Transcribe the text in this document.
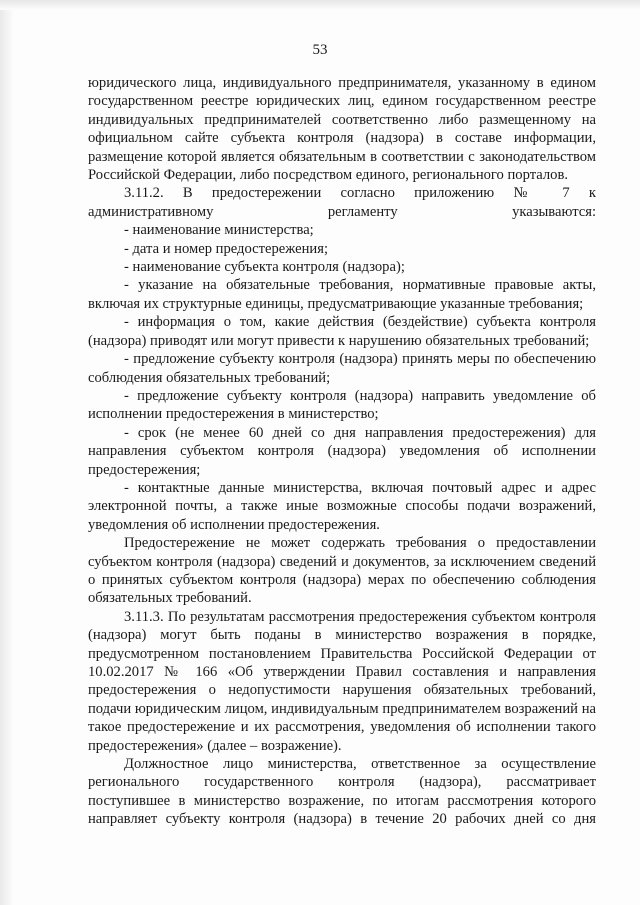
53

юридического лица, индивидуального предпринимателя, указанному в едином государственном реестре юридических лиц, едином государственном реестре индивидуальных предпринимателей соответственно либо размещенному на официальном сайте субъекта контроля (надзора) в составе информации, размещение которой является обязательным в соответствии с законодательством Российской Федерации, либо посредством единого, регионального порталов.

3.11.2. В предостережении согласно приложению № 7 к административному регламенту указываются:

- наименование министерства;

- дата и номер предостережения;

- наименование субъекта контроля (надзора);

- указание на обязательные требования, нормативные правовые акты, включая их структурные единицы, предусматривающие указанные требования;

- информация о том, какие действия (бездействие) субъекта контроля (надзора) приводят или могут привести к нарушению обязательных требований;

- предложение субъекту контроля (надзора) принять меры по обеспечению соблюдения обязательных требований;

- предложение субъекту контроля (надзора) направить уведомление об исполнении предостережения в министерство;

- срок (не менее 60 дней со дня направления предостережения) для направления субъектом контроля (надзора) уведомления об исполнении предостережения;

- контактные данные министерства, включая почтовый адрес и адрес электронной почты, а также иные возможные способы подачи возражений, уведомления об исполнении предостережения.

Предостережение не может содержать требования о предоставлении субъектом контроля (надзора) сведений и документов, за исключением сведений о принятых субъектом контроля (надзора) мерах по обеспечению соблюдения обязательных требований.

3.11.3. По результатам рассмотрения предостережения субъектом контроля (надзора) могут быть поданы в министерство возражения в порядке, предусмотренном постановлением Правительства Российской Федерации от 10.02.2017 № 166 «Об утверждении Правил составления и направления предостережения о недопустимости нарушения обязательных требований, подачи юридическим лицом, индивидуальным предпринимателем возражений на такое предостережение и их рассмотрения, уведомления об исполнении такого предостережения» (далее – возражение).

Должностное лицо министерства, ответственное за осуществление регионального государственного контроля (надзора), рассматривает поступившее в министерство возражение, по итогам рассмотрения которого направляет субъекту контроля (надзора) в течение 20 рабочих дней со дня
